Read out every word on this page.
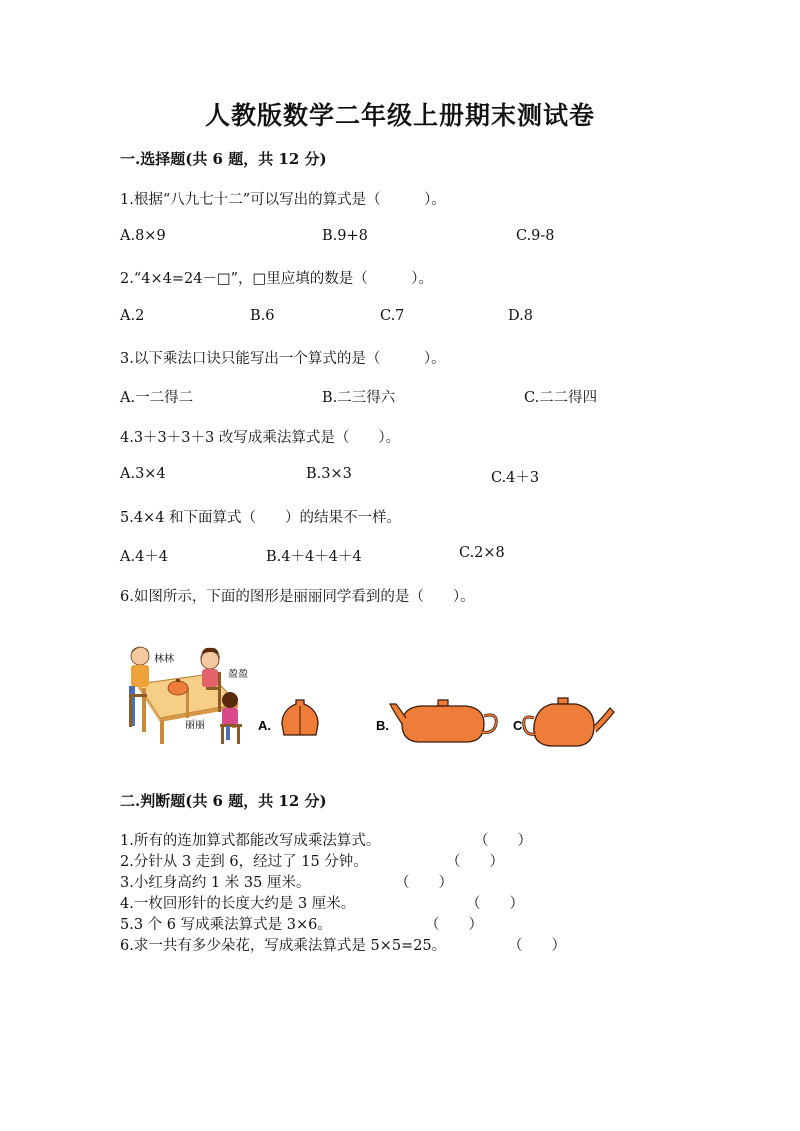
人教版数学二年级上册期末测试卷
一.选择题(共 6 题，共 12 分)
1.根据“八九七十二”可以写出的算式是（　　　）。
A.8×9	B.9+8	C.9-8
2.“4×4=24－□”，□里应填的数是（　　　）。
A.2	B.6	C.7	D.8
3.以下乘法口诀只能写出一个算式的是（　　　）。
A.一二得二	B.二三得六	C.二二得四
4.3＋3＋3＋3 改写成乘法算式是（　　）。
A.3×4	B.3×3	C.4＋3
5.4×4 和下面算式（　　）的结果不一样。
A.4＋4	B.4＋4＋4＋4	C.2×8
6.如图所示，下面的图形是丽丽同学看到的是（　　）。
林林
盈盈
丽丽	A.	B.	C.
二.判断题(共 6 题，共 12 分)
1.所有的连加算式都能改写成乘法算式。	（　　）
2.分针从 3 走到 6，经过了 15 分钟。	（　　）
3.小红身高约 1 米 35 厘米。	（　　）
4.一枚回形针的长度大约是 3 厘米。	（　　）
5.3 个 6 写成乘法算式是 3×6。	（　　）
6.求一共有多少朵花，写成乘法算式是 5×5=25。	（　　）
